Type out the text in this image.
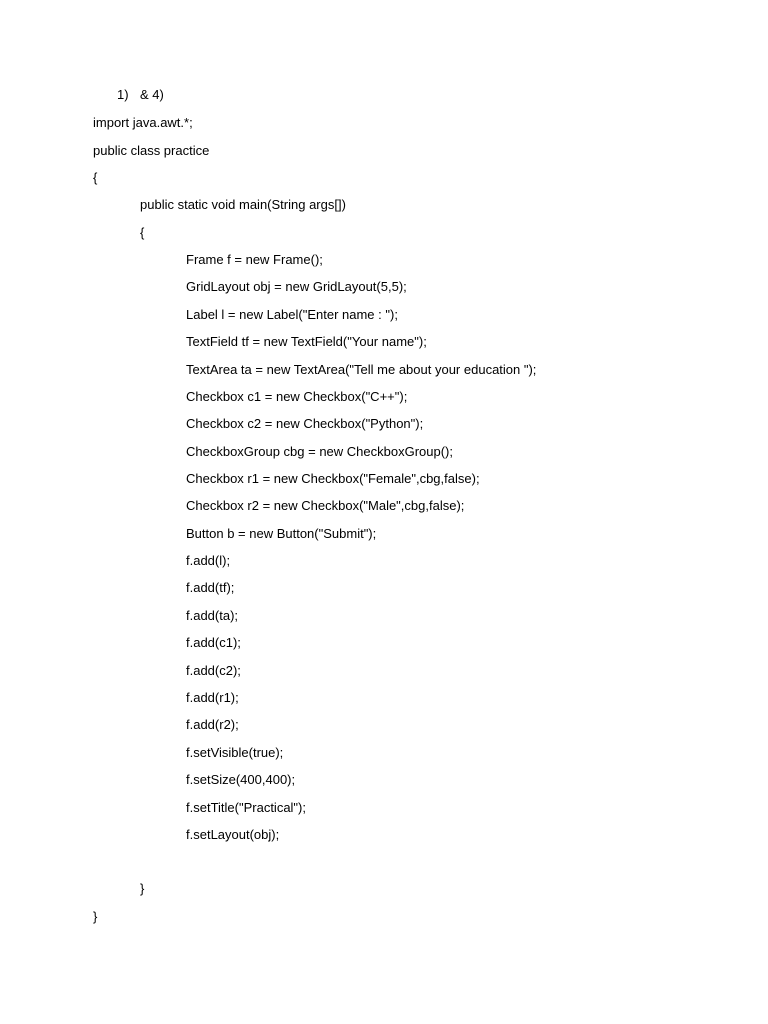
1) & 4)

import java.awt.*;

public class practice

{

public static void main(String args[])

{

Frame f = new Frame();

GridLayout obj = new GridLayout(5,5);

Label l = new Label("Enter name : ");

TextField tf = new TextField("Your name");

TextArea ta = new TextArea("Tell me about your education ");

Checkbox c1 = new Checkbox("C++");

Checkbox c2 = new Checkbox("Python");

CheckboxGroup cbg = new CheckboxGroup();

Checkbox r1 = new Checkbox("Female",cbg,false);

Checkbox r2 = new Checkbox("Male",cbg,false);

Button b = new Button("Submit");

f.add(l);

f.add(tf);

f.add(ta);

f.add(c1);

f.add(c2);

f.add(r1);

f.add(r2);

f.setVisible(true);

f.setSize(400,400);

f.setTitle("Practical");

f.setLayout(obj);

}

}
